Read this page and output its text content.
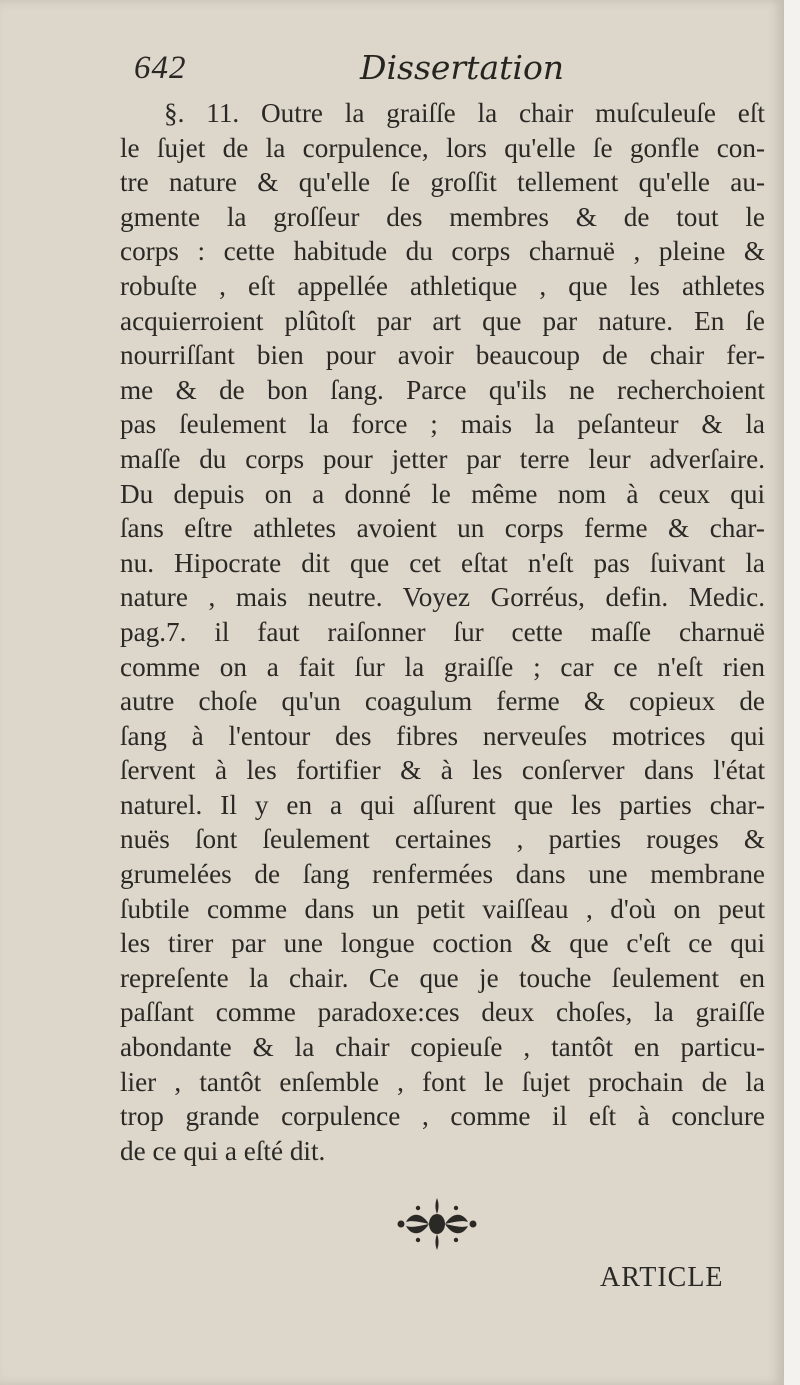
642	Dissertation
§. 11. Outre la graiſſe la chair muſculeuſe eſt
le ſujet de la corpulence, lors qu'elle ſe gonfle con-
tre nature & qu'elle ſe groſſit tellement qu'elle au-
gmente la groſſeur des membres & de tout le
corps : cette habitude du corps charnuë , pleine &
robuſte , eſt appellée athletique , que les athletes
acquierroient plûtoſt par art que par nature. En ſe
nourriſſant bien pour avoir beaucoup de chair fer-
me & de bon ſang. Parce qu'ils ne recherchoient
pas ſeulement la force ; mais la peſanteur & la
maſſe du corps pour jetter par terre leur adverſaire.
Du depuis on a donné le même nom à ceux qui
ſans eſtre athletes avoient un corps ferme & char-
nu. Hipocrate dit que cet eſtat n'eſt pas ſuivant la
nature , mais neutre. Voyez Gorréus, defin. Medic.
pag.7. il faut raiſonner ſur cette maſſe charnuë
comme on a fait ſur la graiſſe ; car ce n'eſt rien
autre choſe qu'un coagulum ferme & copieux de
ſang à l'entour des fibres nerveuſes motrices qui
ſervent à les fortifier & à les conſerver dans l'état
naturel. Il y en a qui aſſurent que les parties char-
nuës ſont ſeulement certaines , parties rouges &
grumelées de ſang renfermées dans une membrane
ſubtile comme dans un petit vaiſſeau , d'où on peut
les tirer par une longue coction & que c'eſt ce qui
repreſente la chair. Ce que je touche ſeulement en
paſſant comme paradoxe:ces deux choſes, la graiſſe
abondante & la chair copieuſe , tantôt en particu-
lier , tantôt enſemble , font le ſujet prochain de la
trop grande corpulence , comme il eſt à conclure
de ce qui a eſté dit.
ARTICLE
